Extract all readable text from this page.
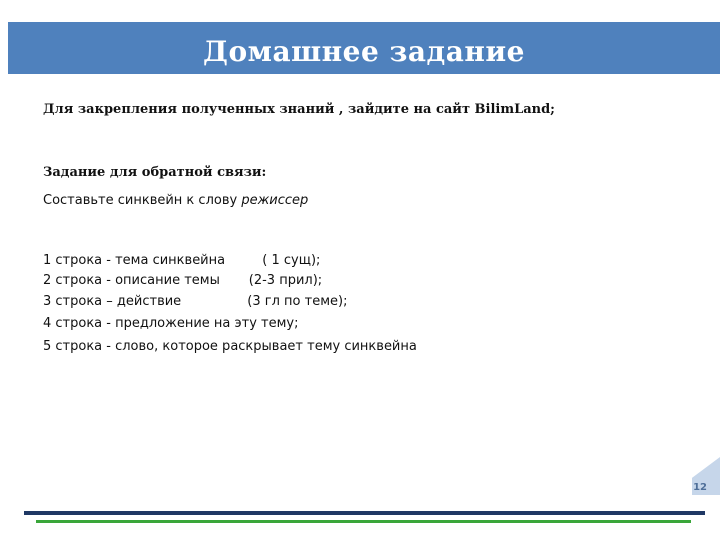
Домашнее задание

Для закрепления полученных знаний , зайдите на сайт BilimLand;

Задание для обратной связи:

Составьте синквейн к слову режиссер

1 строка - тема синквейна         ( 1 сущ);

2 строка - описание темы       (2-3 прил);

3 строка – действие                (3 гл по теме);

4 строка - предложение на эту тему;

5 строка - слово, которое раскрывает тему синквейна

12
